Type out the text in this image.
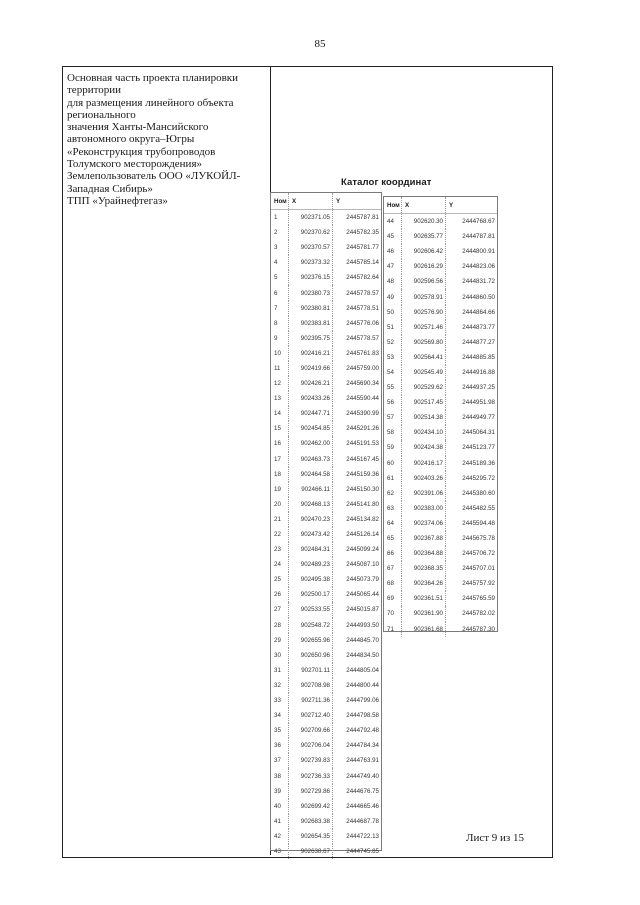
85
Основная часть проекта планировки
территории
для размещения линейного объекта
регионального
значения Ханты-Мансийского
автономного округа–Югры
«Реконструкция трубопроводов
Толумского месторождения»
Землепользователь ООО «ЛУКОЙЛ-
Западная Сибирь»
ТПП «Урайнефтегаз»
Каталог координат
Ном X	Y
1	902371.05	2445787.81
2	902370.62	2445782.35
3	902370.57	2445781.77
4	902373.32	2445785.14
5	902376.15	2445782.64
6	902380.73	2445778.57
7	902380.81	2445778.51
8	902383.81	2445776.06
9	902395.75	2445778.57
10	902416.21	2445761.83
11	902419.66	2445759.00
12	902426.21	2445690.34
13	902433.26	2445590.44
14	902447.71	2445390.99
15	902454.85	2445291.26
16	902462.00	2445191.53
17	902463.73	2445167.45
18	902464.58	2445159.36
19	902466.11	2445150.30
20	902468.13	2445141.80
21	902470.23	2445134.82
22	902473.42	2445126.14
23	902484.31	2445099.24
24	902489.23	2445087.10
25	902495.38	2445073.79
26	902500.17	2445065.44
27	902533.55	2445015.87
28	902548.72	2444993.50
29	902655.96	2444845.70
30	902650.96	2444834.50
31	902701.11	2444805.04
32	902708.98	2444800.44
33	902711.36	2444799.06
34	902712.40	2444798.58
35	902709.66	2444792.48
36	902706.04	2444784.34
37	902739.83	2444763.91
38	902736.33	2444749.40
39	902729.86	2444676.75
40	902699.42	2444665.46
41	902683.38	2444687.78
42	902654.35	2444722.13
43	902638.67	2444745.85
Ном X	Y
44	902620.30	2444768.67
45	902635.77	2444787.81
46	902606.42	2444800.91
47	902616.29	2444823.06
48	902596.56	2444831.72
49	902578.91	2444860.50
50	902576.90	2444864.66
51	902571.46	2444873.77
52	902569.80	2444877.27
53	902564.41	2444885.85
54	902545.49	2444916.88
55	902529.62	2444937.25
56	902517.45	2444951.98
57	902514.38	2444949.77
58	902434.10	2445064.31
59	902424.38	2445123.77
60	902416.17	2445189.36
61	902403.26	2445295.72
62	902391.06	2445380.60
63	902383.00	2445482.55
64	902374.06	2445594.48
65	902367.88	2445675.78
66	902364.88	2445706.72
67	902368.35	2445707.01
68	902364.26	2445757.92
69	902361.51	2445765.59
70	902361.90	2445782.02
71	902361.68	2445787.30
Лист 9 из 15
